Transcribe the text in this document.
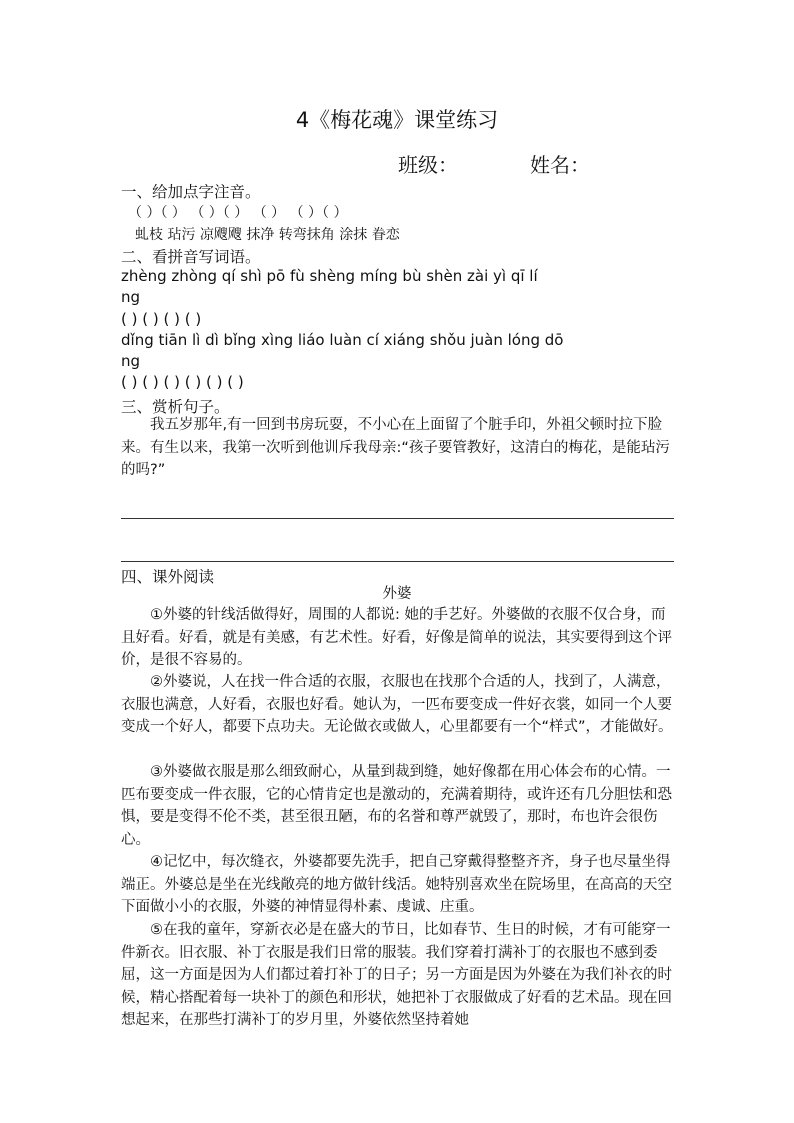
4《梅花魂》课堂练习
班级：	姓名：
一、给加点字注音。
（ ）（ ） （ ）（ ） （ ） （ ）（ ）
虬枝 玷污 凉飕飕 抹净 转弯抹角 涂抹 眷恋
二、看拼音写词语。
zhèng zhòng qí shì pō fù shèng míng bù shèn zài yì qī lí
ng
( ) ( ) ( ) ( )
dǐng tiān lì dì bǐng xìng liáo luàn cí xiáng shǒu juàn lóng dō
ng
( ) ( ) ( ) ( ) ( ) ( )
三、赏析句子。
我五岁那年,有一回到书房玩耍，不小心在上面留了个脏手印，外祖父顿时拉下脸来。有生以来，我第一次听到他训斥我母亲:“孩子要管教好，这清白的梅花，是能玷污的吗?”
四、课外阅读
外婆
①外婆的针线活做得好，周围的人都说: 她的手艺好。外婆做的衣服不仅合身，而且好看。好看，就是有美感，有艺术性。好看，好像是简单的说法，其实要得到这个评价，是很不容易的。
②外婆说，人在找一件合适的衣服，衣服也在找那个合适的人，找到了，人满意，衣服也满意，人好看，衣服也好看。她认为，一匹布要变成一件好衣裳，如同一个人要变成一个好人，都要下点功夫。无论做衣或做人，心里都要有一个“样式”，才能做好。
③外婆做衣服是那么细致耐心，从量到裁到缝，她好像都在用心体会布的心情。一匹布要变成一件衣服，它的心情肯定也是激动的，充满着期待，或许还有几分胆怯和恐惧，要是变得不伦不类，甚至很丑陋，布的名誉和尊严就毁了，那时，布也许会很伤心。
④记忆中，每次缝衣，外婆都要先洗手，把自己穿戴得整整齐齐，身子也尽量坐得端正。外婆总是坐在光线敞亮的地方做针线活。她特别喜欢坐在院场里，在高高的天空下面做小小的衣服，外婆的神情显得朴素、虔诚、庄重。
⑤在我的童年，穿新衣必是在盛大的节日，比如春节、生日的时候，才有可能穿一件新衣。旧衣服、补丁衣服是我们日常的服装。我们穿着打满补丁的衣服也不感到委屈，这一方面是因为人们都过着打补丁的日子；另一方面是因为外婆在为我们补衣的时候，精心搭配着每一块补丁的颜色和形状，她把补丁衣服做成了好看的艺术品。现在回想起来，在那些打满补丁的岁月里，外婆依然坚持着她
